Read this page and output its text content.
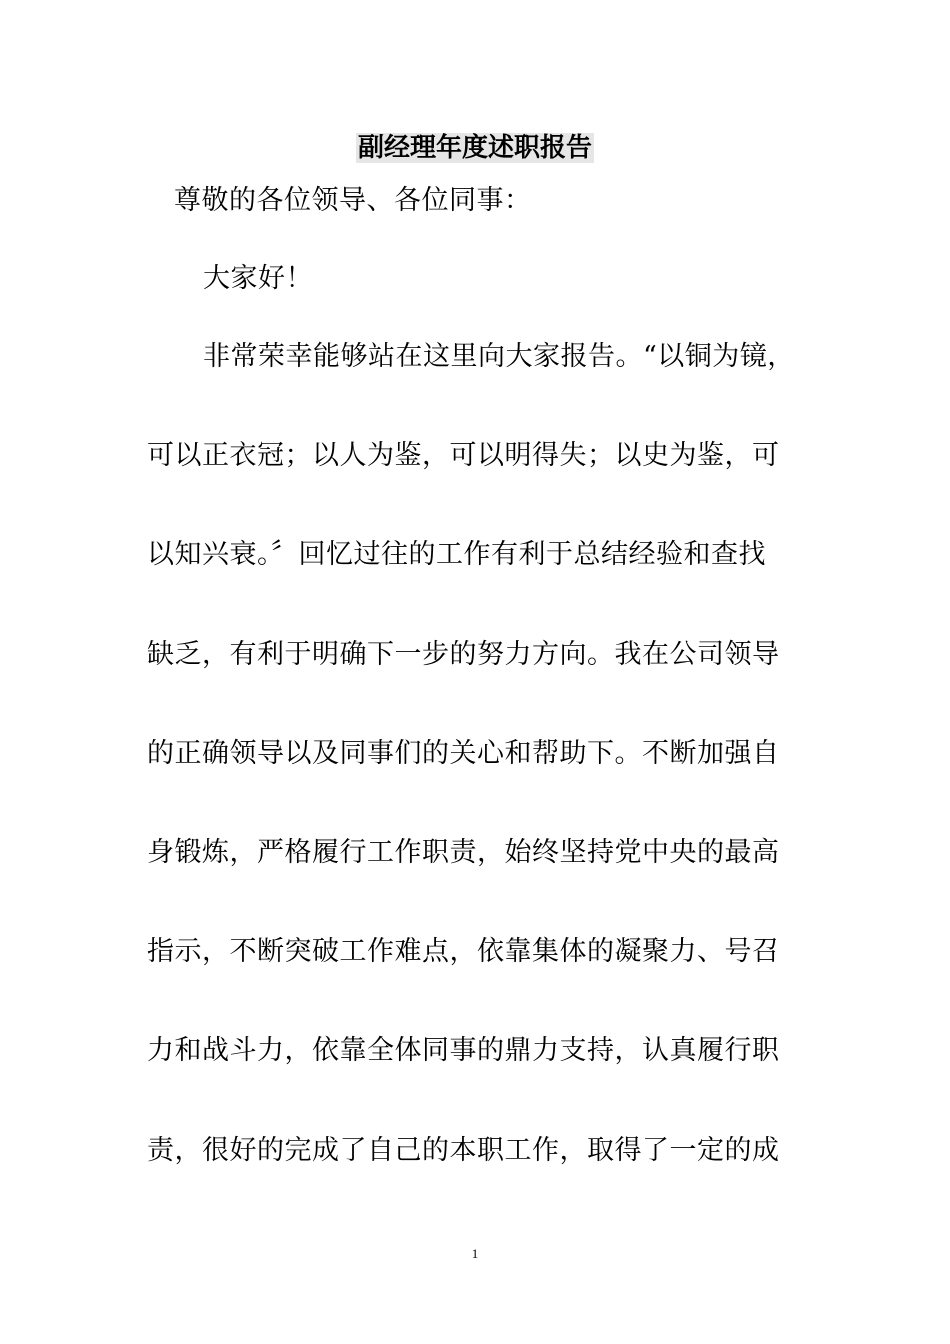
副经理年度述职报告

尊敬的各位领导、各位同事：

大家好！

非常荣幸能够站在这里向大家报告。“以铜为镜，

可以正衣冠；以人为鉴，可以明得失；以史为鉴，可

以知兴衰。〞回忆过往的工作有利于总结经验和查找

缺乏，有利于明确下一步的努力方向。我在公司领导

的正确领导以及同事们的关心和帮助下。不断加强自

身锻炼，严格履行工作职责，始终坚持党中央的最高

指示，不断突破工作难点，依靠集体的凝聚力、号召

力和战斗力，依靠全体同事的鼎力支持，认真履行职

责，很好的完成了自己的本职工作，取得了一定的成

1
